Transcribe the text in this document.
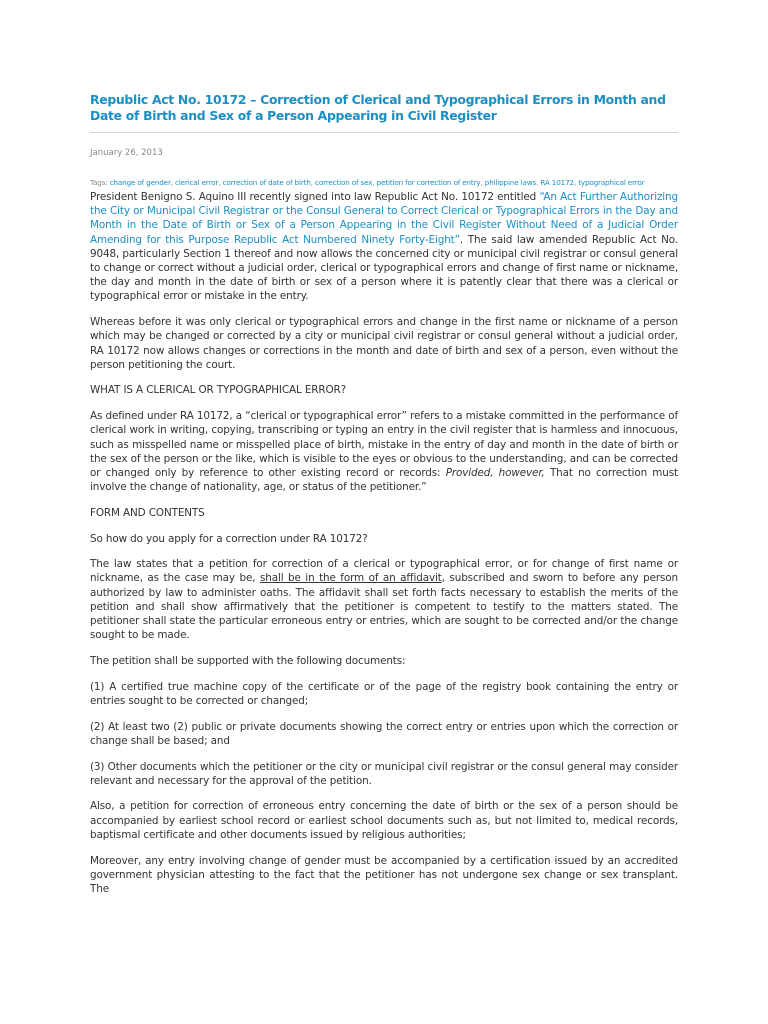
Republic Act No. 10172 – Correction of Clerical and Typographical Errors in Month and Date of Birth and Sex of a Person Appearing in Civil Register
January 26, 2013
Tags: change of gender, clerical error, correction of date of birth, correction of sex, petition for correction of entry, philippine laws, RA 10172, typographical error

President Benigno S. Aquino III recently signed into law Republic Act No. 10172 entitled “An Act Further Authorizing the City or Municipal Civil Registrar or the Consul General to Correct Clerical or Typographical Errors in the Day and Month in the Date of Birth or Sex of a Person Appearing in the Civil Register Without Need of a Judicial Order Amending for this Purpose Republic Act Numbered Ninety Forty-Eight”. The said law amended Republic Act No. 9048, particularly Section 1 thereof and now allows the concerned city or municipal civil registrar or consul general to change or correct without a judicial order, clerical or typographical errors and change of first name or nickname, the day and month in the date of birth or sex of a person where it is patently clear that there was a clerical or typographical error or mistake in the entry.

Whereas before it was only clerical or typographical errors and change in the first name or nickname of a person which may be changed or corrected by a city or municipal civil registrar or consul general without a judicial order, RA 10172 now allows changes or corrections in the month and date of birth and sex of a person, even without the person petitioning the court.

WHAT IS A CLERICAL OR TYPOGRAPHICAL ERROR?

As defined under RA 10172, a “clerical or typographical error” refers to a mistake committed in the performance of clerical work in writing, copying, transcribing or typing an entry in the civil register that is harmless and innocuous, such as misspelled name or misspelled place of birth, mistake in the entry of day and month in the date of birth or the sex of the person or the like, which is visible to the eyes or obvious to the understanding, and can be corrected or changed only by reference to other existing record or records: Provided, however, That no correction must involve the change of nationality, age, or status of the petitioner.”

FORM AND CONTENTS

So how do you apply for a correction under RA 10172?

The law states that a petition for correction of a clerical or typographical error, or for change of first name or nickname, as the case may be, shall be in the form of an affidavit, subscribed and sworn to before any person authorized by law to administer oaths. The affidavit shall set forth facts necessary to establish the merits of the petition and shall show affirmatively that the petitioner is competent to testify to the matters stated. The petitioner shall state the particular erroneous entry or entries, which are sought to be corrected and/or the change sought to be made.

The petition shall be supported with the following documents:

(1) A certified true machine copy of the certificate or of the page of the registry book containing the entry or entries sought to be corrected or changed;

(2) At least two (2) public or private documents showing the correct entry or entries upon which the correction or change shall be based; and

(3) Other documents which the petitioner or the city or municipal civil registrar or the consul general may consider relevant and necessary for the approval of the petition.

Also, a petition for correction of erroneous entry concerning the date of birth or the sex of a person should be accompanied by earliest school record or earliest school documents such as, but not limited to, medical records, baptismal certificate and other documents issued by religious authorities;

Moreover, any entry involving change of gender must be accompanied by a certification issued by an accredited government physician attesting to the fact that the petitioner has not undergone sex change or sex transplant. The
